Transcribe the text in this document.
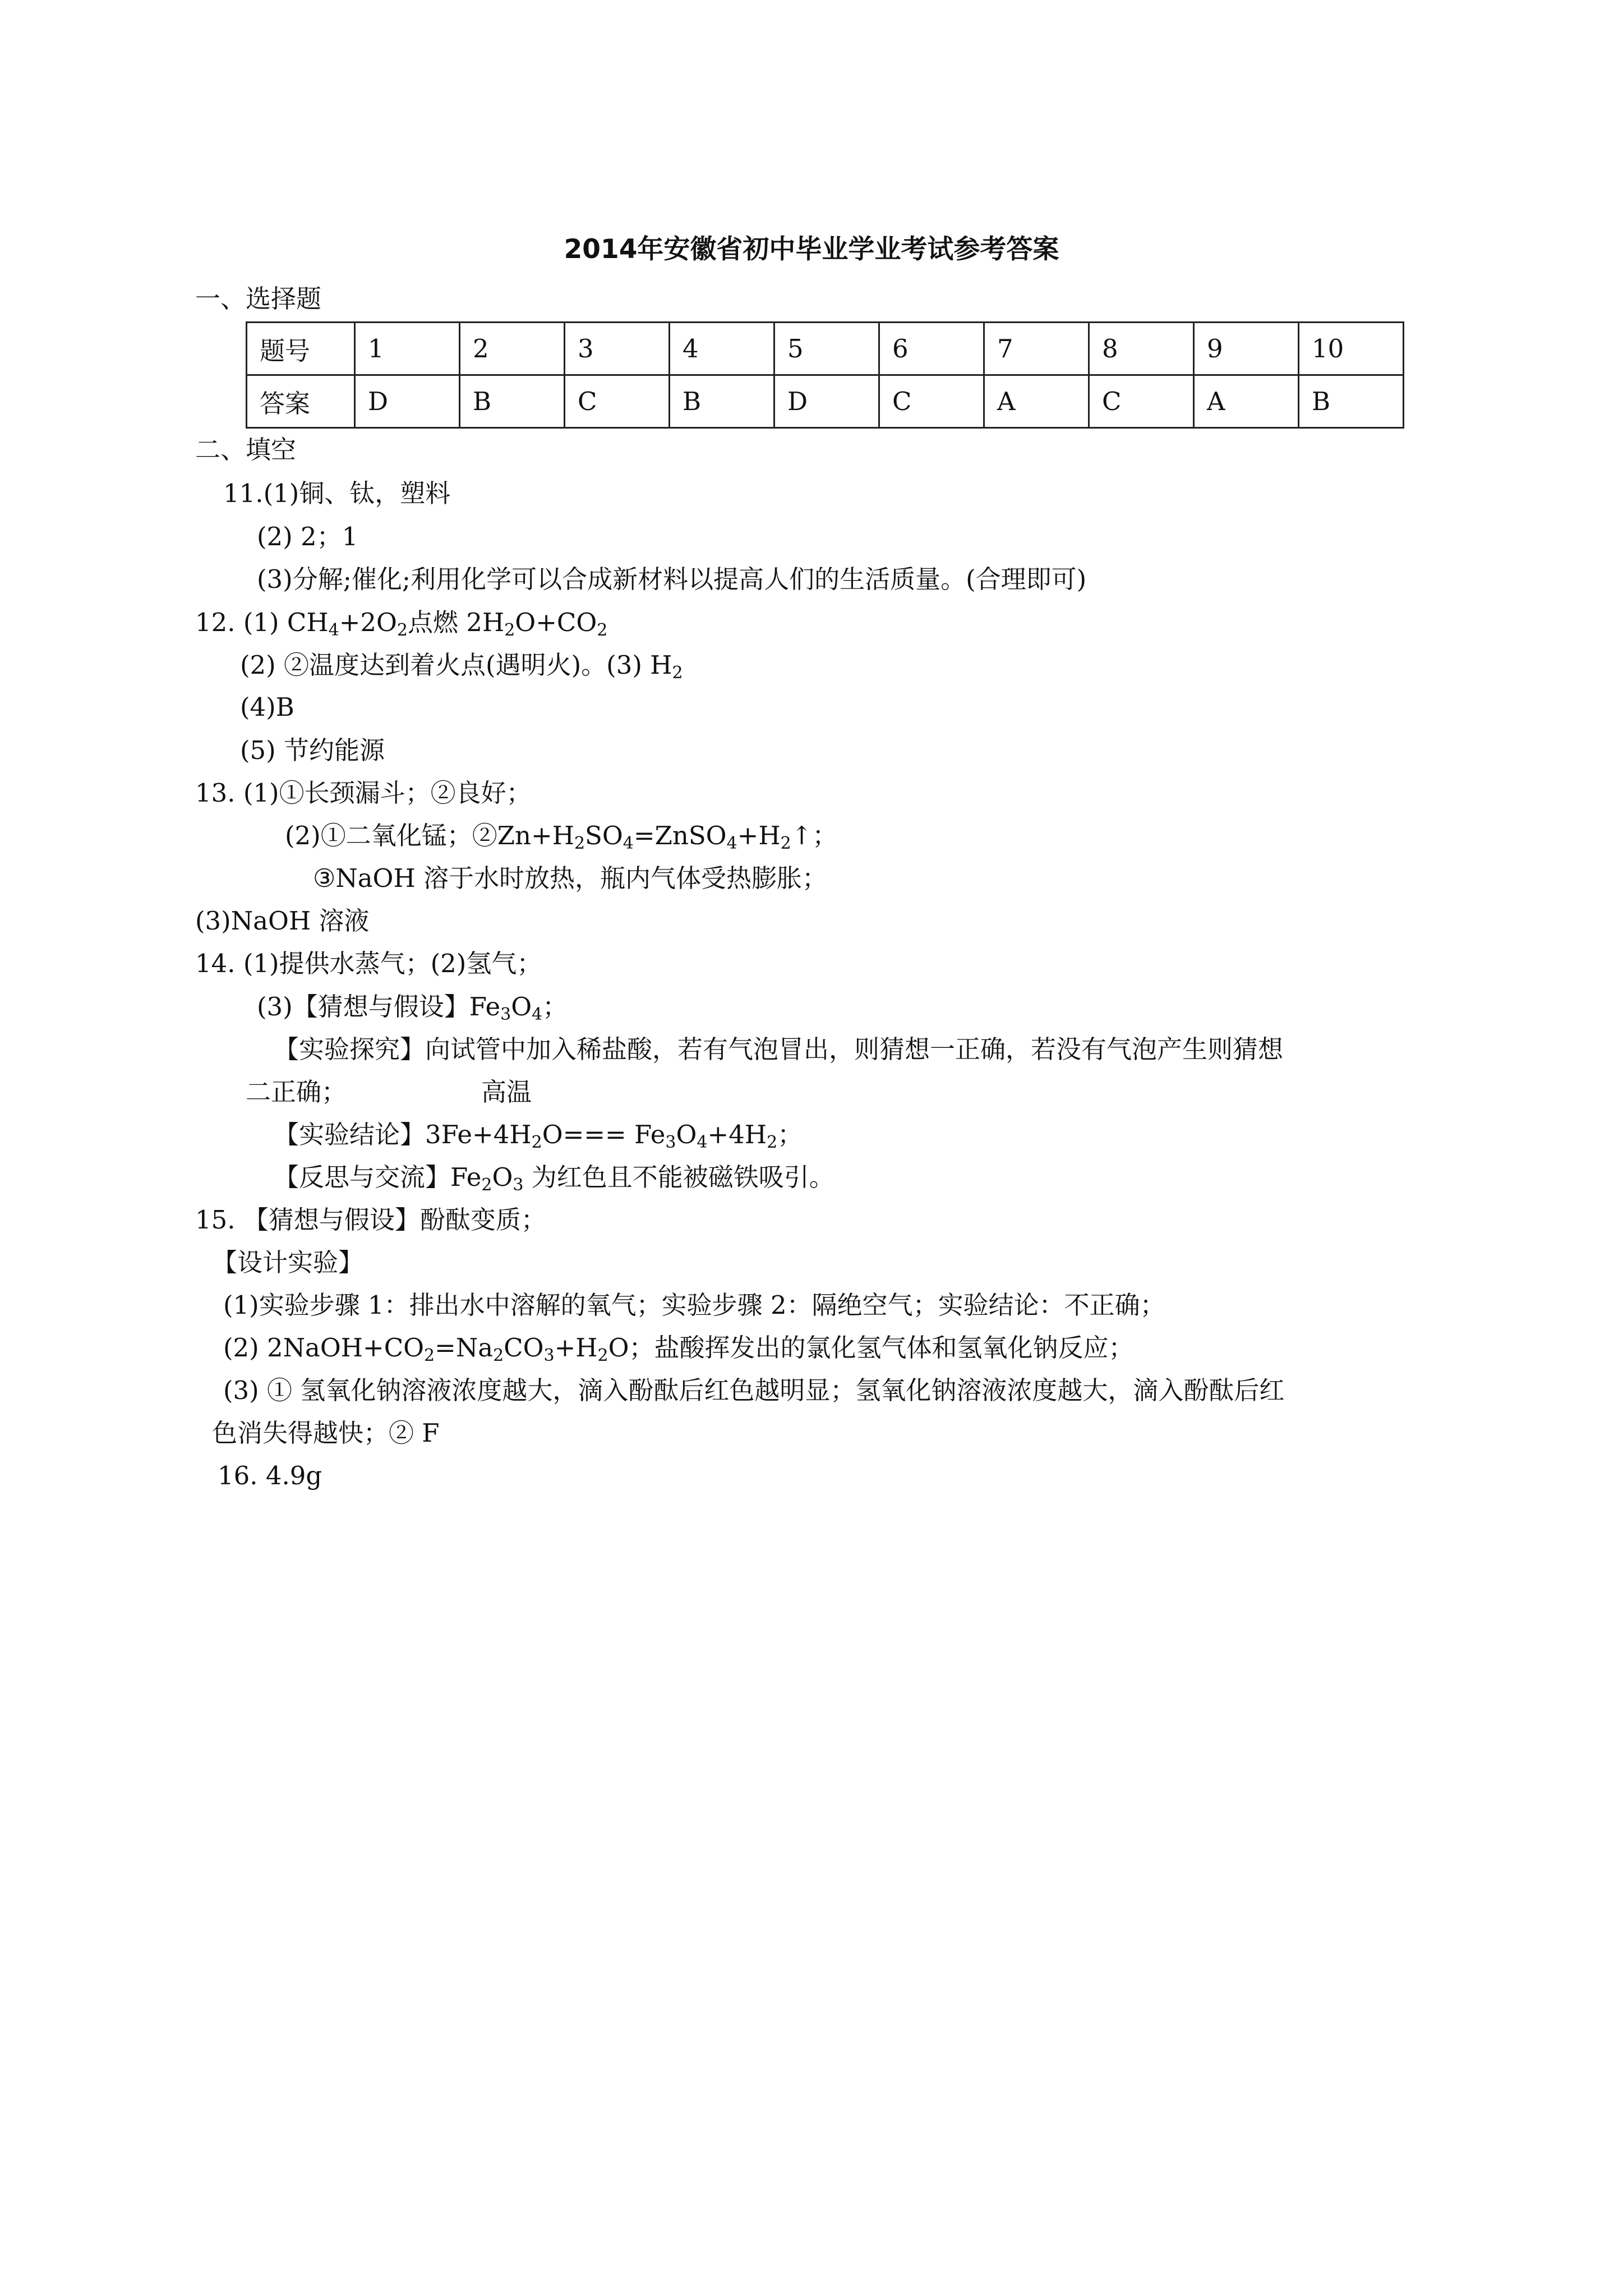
2014年安徽省初中毕业学业考试参考答案
一、选择题
题号	1	2	3	4	5	6	7	8	9	10
答案	D	B	C	B	D	C	A	C	A	B
二、填空
11.(1)铜、钛，塑料
(2) 2；1
(3)分解;催化;利用化学可以合成新材料以提高人们的生活质量。(合理即可)
12. (1) $CH_4+2O_2$点燃 $2H_2O+CO_2$
(2) ②温度达到着火点(遇明火)。(3) $H_2$
(4)B
(5) 节约能源
13. (1)①长颈漏斗；②良好；
(2)①二氧化锰；$②Zn+H_2SO_4=ZnSO_4+H_2↑$；
③NaOH 溶于水时放热，瓶内气体受热膨胀；
(3)NaOH 溶液
14. (1)提供水蒸气；(2)氢气；
(3)【猜想与假设】$Fe_3O_4$；
【实验探究】向试管中加入稀盐酸，若有气泡冒出，则猜想一正确，若没有气泡产生则猜想
二正确；	高温
【实验结论】$3Fe+4H_2O=== Fe_3O_4+4H_2$；
【反思与交流】$Fe_2O_3$ 为红色且不能被磁铁吸引。
15. 【猜想与假设】酚酞变质；
【设计实验】
(1)实验步骤 1：排出水中溶解的氧气；实验步骤 2：隔绝空气；实验结论：不正确；
(2) $2NaOH+CO_2=Na_2CO_3+H_2O$；盐酸挥发出的氯化氢气体和氢氧化钠反应；
(3) ① 氢氧化钠溶液浓度越大，滴入酚酞后红色越明显；氢氧化钠溶液浓度越大，滴入酚酞后红
色消失得越快；② F
16. 4.9g
